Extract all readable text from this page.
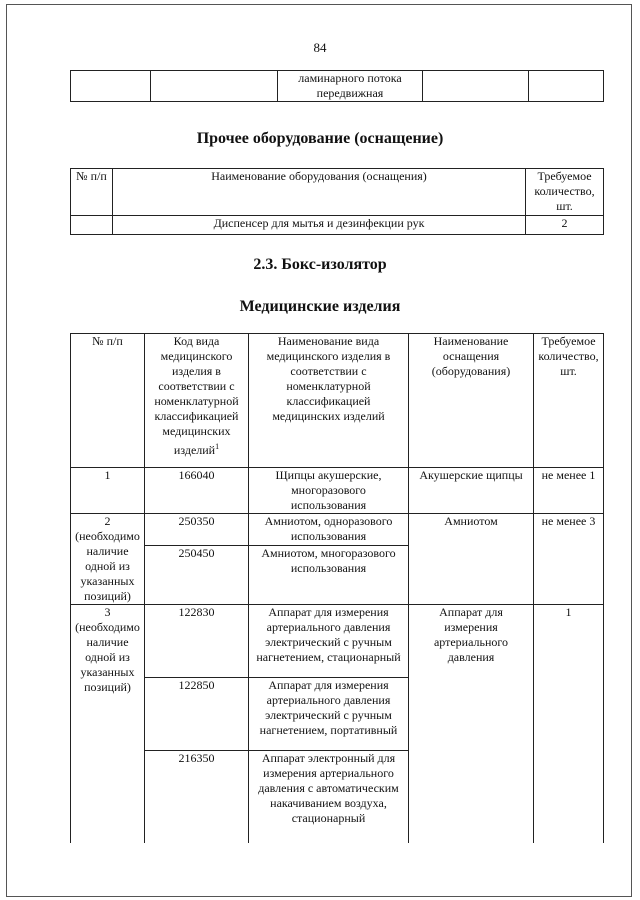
84
		ламинарного потока передвижная		
Прочее оборудование (оснащение)
№ п/п	Наименование оборудования (оснащения)	Требуемое количество, шт.
	Диспенсер для мытья и дезинфекции рук	2
2.3. Бокс-изолятор
Медицинские изделия
№ п/п	Код вида медицинского изделия в соответствии с номенклатурной классификацией медицинских изделий$^1$	Наименование вида медицинского изделия в соответствии с номенклатурной классификацией медицинских изделий	Наименование оснащения (оборудования)	Требуемое количество, шт.
1	166040	Щипцы акушерские, многоразового использования	Акушерские щипцы	не менее 1
2 (необходимо наличие одной из указанных позиций)	250350	Амниотом, одноразового использования	Амниотом	не менее 3
	250450	Амниотом, многоразового использования		
3 (необходимо наличие одной из указанных позиций)	122830	Аппарат для измерения артериального давления электрический с ручным нагнетением, стационарный	Аппарат для измерения артериального давления	1
	122850	Аппарат для измерения артериального давления электрический с ручным нагнетением, портативный		
	216350	Аппарат электронный для измерения артериального давления с автоматическим накачиванием воздуха, стационарный		
